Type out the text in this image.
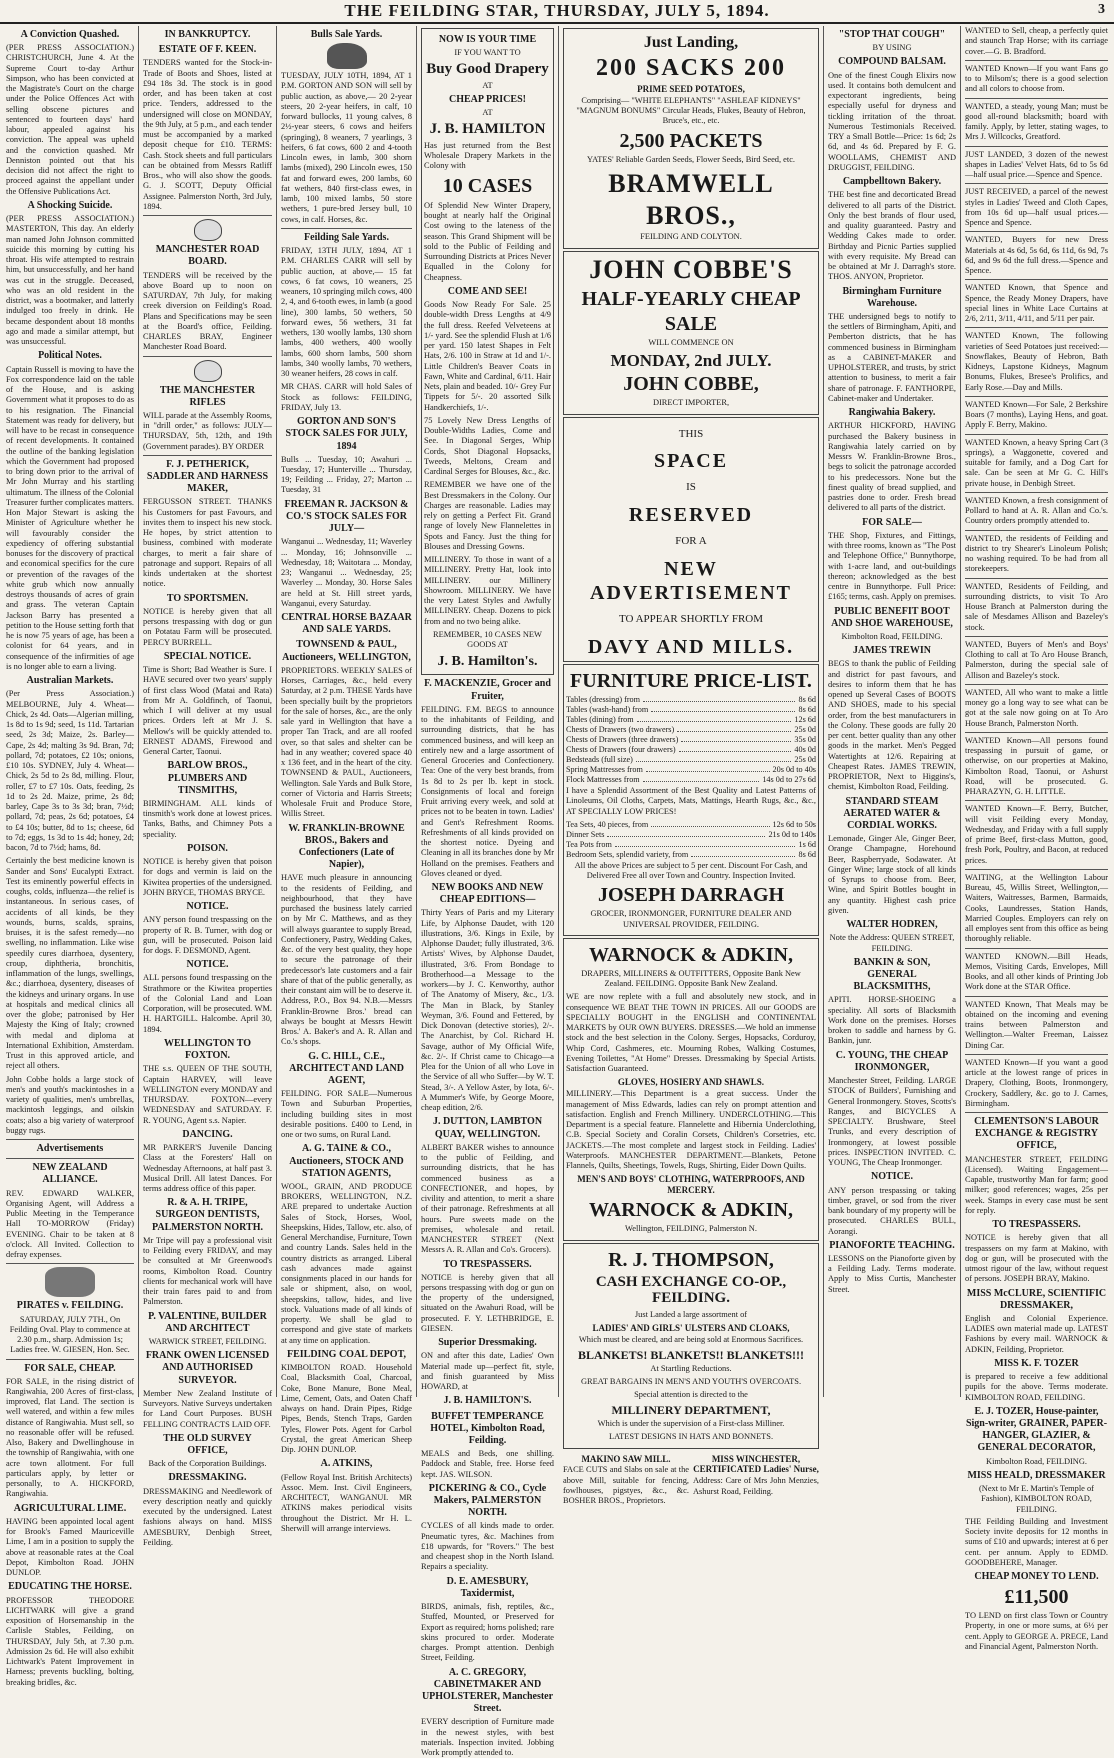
THE FEILDING STAR, THURSDAY, JULY 5, 1894.	3
A Conviction Quashed.

(PER PRESS ASSOCIATION.) CHRISTCHURCH, June 4. At the Supreme Court to-day Arthur Simpson, who has been convicted at the Magistrate's Court on the charge under the Police Offences Act with selling obscene pictures and sentenced to fourteen days' hard labour, appealed against his conviction. The appeal was upheld and the conviction quashed. Mr Denniston pointed out that his decision did not affect the right to proceed against the appellant under the Offensive Publications Act.

A Shocking Suicide.

(PER PRESS ASSOCIATION.) MASTERTON, This day. An elderly man named John Johnson committed suicide this morning by cutting his throat. His wife attempted to restrain him, but unsuccessfully, and her hand was cut in the struggle. Deceased, who was an old resident in the district, was a bootmaker, and latterly indulged too freely in drink. He became despondent about 18 months ago and made a similar attempt, but was unsuccessful.

Political Notes.

Captain Russell is moving to have the Fox correspondence laid on the table of the House, and is asking Government what it proposes to do as to his resignation. The Financial Statement was ready for delivery, but will have to be recast in consequence of recent developments. It contained the outline of the banking legislation which the Government had proposed to bring down prior to the arrival of Mr John Murray and his startling ultimatum. The illness of the Colonial Treasurer further complicates matters. Hon Major Stewart is asking the Minister of Agriculture whether he will favourably consider the expediency of offering substantial bonuses for the discovery of practical and economical specifics for the cure or prevention of the ravages of the white grub which now annually destroys thousands of acres of grain and grass. The veteran Captain Jackson Barry has presented a petition to the House setting forth that he is now 75 years of age, has been a colonist for 64 years, and in consequence of the infirmities of age is no longer able to earn a living.

Australian Markets.

(Per Press Association.) MELBOURNE, July 4. Wheat—Chick, 2s 4d. Oats—Algerian milling, 1s 8d to 1s 9d; seed, 1s 11d. Tartarian seed, 2s 3d; Maize, 2s. Barley—Cape, 2s 4d; malting 3s 9d. Bran, 7d; pollard, 7d; potatoes, £2 10s; onions, £10 10s. SYDNEY, July 4. Wheat—Chick, 2s 5d to 2s 8d, milling. Flour, roller, £7 to £7 10s. Oats, feeding, 2s 1d to 2s 2d. Maize, prime, 2s 8d; barley, Cape 3s to 3s 3d; bran, 7½d; pollard, 7d; peas, 2s 6d; potatoes, £4 to £4 10s; butter, 8d to 1s; cheese, 6d to 7d; eggs, 1s 3d to 1s 4d; honey, 2d; bacon, 7d to 7½d; hams, 8d.

Certainly the best medicine known is Sander and Sons' Eucalypti Extract. Test its eminently powerful effects in coughs, colds, influenza—the relief is instantaneous. In serious cases, of accidents of all kinds, be they wounds, burns, scalds, sprains, bruises, it is the safest remedy—no swelling, no inflammation. Like wise speedily cures diarrhoea, dysentery, croup, diphtheria, bronchitis, inflammation of the lungs, swellings, &c.; diarrhoea, dysentery, diseases of the kidneys and urinary organs. In use at hospitals and medical clinics all over the globe; patronised by Her Majesty the King of Italy; crowned with medal and diploma at International Exhibition, Amsterdam. Trust in this approved article, and reject all others.

John Cobbe holds a large stock of men's and youth's mackintoshes in a variety of qualities, men's umbrellas, mackintosh leggings, and oilskin coats; also a big variety of waterproof buggy rugs.

Advertisements
NEW ZEALAND ALLIANCE.

REV. EDWARD WALKER, Organising Agent, will Address a Public Meeting in the Temperance Hall TO-MORROW (Friday) EVENING. Chair to be taken at 8 o'clock. All Invited. Collection to defray expenses.

PIRATES v. FEILDING.

SATURDAY, JULY 7TH., On Feilding Oval. Play to commence at 2.30 p.m., sharp. Admission 1s; Ladies free. W. GIESEN, Hon. Sec.

FOR SALE, CHEAP.

FOR SALE, in the rising district of Rangiwahia, 200 Acres of first-class, improved, flat Land. The section is well watered, and within a few miles distance of Rangiwahia. Must sell, so no reasonable offer will be refused. Also, Bakery and Dwellinghouse in the township of Rangiwahia, with one acre town allotment. For full particulars apply, by letter or personally, to A. HICKFORD, Rangiwahia.

AGRICULTURAL LIME.

HAVING been appointed local agent for Brook's Famed Mauriceville Lime, I am in a position to supply the above at reasonable rates at the Coal Depot, Kimbolton Road. JOHN DUNLOP.

EDUCATING THE HORSE.

PROFESSOR THEODORE LICHTWARK will give a grand exposition of Horsemanship in the Carlisle Stables, Feilding, on THURSDAY, July 5th, at 7.30 p.m. Admission 2s 6d. He will also exhibit Lichtwark's Patent Improvement in Harness; prevents buckling, bolting, breaking bridles, &c.

IN BANKRUPTCY.
ESTATE OF F. KEEN.

TENDERS wanted for the Stock-in-Trade of Boots and Shoes, listed at £94 18s 3d. The stock is in good order, and has been taken at cost price. Tenders, addressed to the undersigned will close on MONDAY, the 9th July, at 5 p.m., and each tender must be accompanied by a marked deposit cheque for £10. TERMS: Cash. Stock sheets and full particulars can be obtained from Messrs Ratliff Bros., who will also show the goods. G. J. SCOTT, Deputy Official Assignee. Palmerston North, 3rd July, 1894.

MANCHESTER ROAD BOARD.

TENDERS will be received by the above Board up to noon on SATURDAY, 7th July, for making creek diversion on Feilding's Road. Plans and Specifications may be seen at the Board's office, Feilding. CHARLES BRAY, Engineer Manchester Road Board.

THE MANCHESTER RIFLES

WILL parade at the Assembly Rooms, in "drill order," as follows: JULY—THURSDAY, 5th, 12th, and 19th (Government parades). BY ORDER

F. J. PETHERICK, SADDLER AND HARNESS MAKER,

FERGUSSON STREET. THANKS his Customers for past Favours, and invites them to inspect his new stock. He hopes, by strict attention to business, combined with moderate charges, to merit a fair share of patronage and support. Repairs of all kinds undertaken at the shortest notice.

TO SPORTSMEN.

NOTICE is hereby given that all persons trespassing with dog or gun on Potatau Farm will be prosecuted. PERCY BURRELL.

SPECIAL NOTICE.

Time is Short; Bad Weather is Sure. I HAVE secured over two years' supply of first class Wood (Matai and Rata) from Mr A. Goldfinch, of Taonui, which I will deliver at my usual prices. Orders left at Mr J. S. Mellow's will be quickly attended to. ERNEST ADAMS, Firewood and General Carter, Taonui.

BARLOW BROS., PLUMBERS AND TINSMITHS,

BIRMINGHAM. ALL kinds of tinsmith's work done at lowest prices. Tanks, Baths, and Chimney Pots a speciality.

POISON.

NOTICE is hereby given that poison for dogs and vermin is laid on the Kiwitea properties of the undersigned. JOHN BRYCE, THOMAS BRYCE.

NOTICE.

ANY person found trespassing on the property of R. B. Turner, with dog or gun, will be prosecuted. Poison laid for dogs. F. DESMOND, Agent.

NOTICE.

ALL persons found trespassing on the Strathmore or the Kiwitea properties of the Colonial Land and Loan Corporation, will be prosecuted. WM. H. HARTGILL. Halcombe. April 30, 1894.

WELLINGTON TO FOXTON.

THE s.s. QUEEN OF THE SOUTH, Captain HARVEY, will leave WELLINGTON every MONDAY and THURSDAY. FOXTON—every WEDNESDAY and SATURDAY. F. R. YOUNG, Agent s.s. Napier.

DANCING.

MR PARKER'S Juvenile Dancing Class at the Foresters' Hall on Wednesday Afternoons, at half past 3. Musical Drill. All latest Dances. For terms address office of this paper.

R. & A. H. TRIPE, SURGEON DENTISTS, PALMERSTON NORTH.

Mr Tripe will pay a professional visit to Feilding every FRIDAY, and may be consulted at Mr Greenwood's rooms, Kimbolton Road. Country clients for mechanical work will have their train fares paid to and from Palmerston.

P. VALENTINE, BUILDER AND ARCHITECT

WARWICK STREET, FEILDING.

FRANK OWEN LICENSED AND AUTHORISED SURVEYOR.

Member New Zealand Institute of Surveyors. Native Surveys undertaken for Land Court Purposes. BUSH FELLING CONTRACTS LAID OFF.

THE OLD SURVEY OFFICE,

Back of the Corporation Buildings.

DRESSMAKING.

DRESSMAKING and Needlework of every description neatly and quickly executed by the undersigned. Latest fashions always on hand. MISS AMESBURY, Denbigh Street, Feilding.

Bulls Sale Yards.

TUESDAY, JULY 10TH, 1894, AT 1 P.M. GORTON AND SON will sell by public auction, as above,— 20 2-year steers, 20 2-year heifers, in calf, 10 forward bullocks, 11 young calves, 8 2½-year steers, 6 cows and heifers (springing), 8 weaners, 7 yearlings, 3 heifers, 6 fat cows, 600 2 and 4-tooth Lincoln ewes, in lamb, 300 shorn lambs (mixed), 290 Lincoln ewes, 150 fat and forward ewes, 200 lambs, 60 fat wethers, 840 first-class ewes, in lamb, 100 mixed lambs, 50 store wethers, 1 pure-bred Jersey bull, 10 cows, in calf. Horses, &c.

Feilding Sale Yards.

FRIDAY, 13TH JULY, 1894, AT 1 P.M. CHARLES CARR will sell by public auction, at above,— 15 fat cows, 6 fat cows, 10 weaners, 25 weaners, 10 springing milch cows, 400 2, 4, and 6-tooth ewes, in lamb (a good line), 300 lambs, 50 wethers, 50 forward ewes, 56 wethers, 31 fat wethers, 130 woolly lambs, 130 shorn lambs, 400 wethers, 400 woolly lambs, 600 shorn lambs, 500 shorn lambs, 340 woolly lambs, 70 wethers, 30 weaner heifers, 28 cows in calf.

MR CHAS. CARR will hold Sales of Stock as follows: FEILDING, FRIDAY, July 13.

GORTON AND SON'S STOCK SALES FOR JULY, 1894

Bulls ... Tuesday, 10; Awahuri ... Tuesday, 17; Hunterville ... Thursday, 19; Feilding ... Friday, 27; Marton ... Tuesday, 31

FREEMAN R. JACKSON & CO.'S STOCK SALES FOR JULY—

Wanganui ... Wednesday, 11; Waverley ... Monday, 16; Johnsonville ... Wednesday, 18; Waitotara ... Monday, 23; Wanganui ... Wednesday, 25; Waverley ... Monday, 30. Horse Sales are held at St. Hill street yards, Wanganui, every Saturday.

CENTRAL HORSE BAZAAR AND SALE YARDS.
TOWNSEND & PAUL, Auctioneers, WELLINGTON,

PROPRIETORS. WEEKLY SALES of Horses, Carriages, &c., held every Saturday, at 2 p.m. THESE Yards have been specially built by the proprietors for the sale of horses, &c., are the only sale yard in Wellington that have a proper Tan Track, and are all roofed over, so that sales and shelter can be had in any weather; covered space 40 x 136 feet, and in the heart of the city. TOWNSEND & PAUL, Auctioneers, Wellington. Sale Yards and Bulk Store, corner of Victoria and Harris Streets; Wholesale Fruit and Produce Store, Willis Street.

W. FRANKLIN-BROWNE BROS., Bakers and Confectioners (Late of Napier),

HAVE much pleasure in announcing to the residents of Feilding, and neighbourhood, that they have purchased the business lately carried on by Mr C. Matthews, and as they will always guarantee to supply Bread, Confectionery, Pastry, Wedding Cakes, &c. of the very best quality, they hope to secure the patronage of their predecessor's late customers and a fair share of that of the public generally, as their constant aim will be to deserve it. Address, P.O., Box 94. N.B.—Messrs Franklin-Browne Bros.' bread can always be bought at Messrs Hewitt Bros.' A. Baker's and A. R. Allan and Co.'s shops.

G. C. HILL, C.E., ARCHITECT AND LAND AGENT,

FEILDING. FOR SALE—Numerous Town and Suburban Properties, including building sites in most desirable positions. £400 to Lend, in one or two sums, on Rural Land.

A. G. TAINE & CO., Auctioneers, STOCK AND STATION AGENTS,

WOOL, GRAIN, AND PRODUCE BROKERS, WELLINGTON, N.Z. ARE prepared to undertake Auction Sales of Stock, Horses, Wool, Sheepskins, Hides, Tallow, etc. also, of General Merchandise, Furniture, Town and country Lands. Sales held in the country districts as arranged. Liberal cash advances made against consignments placed in our hands for sale or shipment, also, on wool, sheepskins, tallow, hides, and live stock. Valuations made of all kinds of property. We shall be glad to correspond and give state of markets at any time on application.

FEILDING COAL DEPOT,

KIMBOLTON ROAD. Household Coal, Blacksmith Coal, Charcoal, Coke, Bone Manure, Bone Meal, Lime, Cement, Oats, and Oaten Chaff always on hand. Drain Pipes, Ridge Pipes, Bends, Stench Traps, Garden Tyles, Flower Pots. Agent for Carbol Crystal, the great American Sheep Dip. JOHN DUNLOP.

A. ATKINS,

(Fellow Royal Inst. British Architects) Assoc. Mem. Inst. Civil Engineers, ARCHITECT, WANGANUI. MR ATKINS makes periodical visits throughout the District. Mr H. L. Sherwill will arrange interviews.

NOW IS YOUR TIME
IF YOU WANT TO
Buy Good Drapery
AT
CHEAP PRICES!
AT
J. B. HAMILTON

Has just returned from the Best Wholesale Drapery Markets in the Colony with

10 CASES

Of Splendid New Winter Drapery, bought at nearly half the Original Cost owing to the lateness of the season. This Grand Shipment will be sold to the Public of Feilding and Surrounding Districts at Prices Never Equalled in the Colony for Cheapness.

COME AND SEE!

Goods Now Ready For Sale. 25 double-width Dress Lengths at 4/9 the full dress. Reefed Velveteens at 1/- yard. See the splendid Flush at 1/6 per yard. 150 latest Shapes in Felt Hats, 2/6. 100 in Straw at 1d and 1/-. Little Children's Beaver Coats in Fawn, White and Cardinal, 6/11. Hair Nets, plain and beaded. 10/- Grey Fur Tippets for 5/-. 20 assorted Silk Handkerchiefs, 1/-.

75 Lovely New Dress Lengths of Double-Widths Ladies, Come and See. In Diagonal Serges, Whip Cords, Shot Diagonal Hopsacks, Tweeds, Meltons, Cream and Cardinal Serges for Blouses, &c., &c.

REMEMBER we have one of the Best Dressmakers in the Colony. Our Charges are reasonable. Ladies may rely on getting a Perfect Fit. Grand range of lovely New Flannelettes in Spots and Fancy. Just the thing for Blouses and Dressing Gowns.

MILLINERY. To those in want of a MILLINERY. Pretty Hat, look into MILLINERY. our Millinery Showroom. MILLINERY. We have the very Latest Styles and Awfully MILLINERY. Cheap. Dozens to pick from and no two being alike.

REMEMBER, 10 CASES NEW GOODS AT

J. B. Hamilton's.
F. MACKENZIE, Grocer and Fruiter,

FEILDING. F.M. BEGS to announce to the inhabitants of Feilding, and surrounding districts, that he has commenced business, and will keep an entirely new and a large assortment of General Groceries and Confectionery. Tea: One of the very best brands, from 1s 8d to 2s per lb. kept in stock. Consignments of local and foreign Fruit arriving every week, and sold at prices not to be beaten in town. Ladies' and Gent's Refreshment Rooms. Refreshments of all kinds provided on the shortest notice. Dyeing and Cleaning in all its branches done by Mr Holland on the premises. Feathers and Gloves cleaned or dyed.

NEW BOOKS AND NEW CHEAP EDITIONS—

Thirty Years of Paris and my Literary Life, by Alphonse Daudet, with 120 illustrations, 3/6. Kings in Exile, by Alphonse Daudet; fully illustrated, 3/6. Artists' Wives, by Alphonse Daudet, illustrated, 3/6. From Bondage to Brotherhood—a Message to the workers—by J. C. Kenworthy, author of The Anatomy of Misery, &c., 1/3. The Man in Black, by Stanley Weyman, 3/6. Found and Fettered, by Dick Donovan (detective stories), 2/-. The Anarchist, by Col. Richard H. Savage, author of My Official Wife, &c. 2/-. If Christ came to Chicago—a Plea for the Union of all who Love in the Service of all who Suffer—by W. T. Stead, 3/-. A Yellow Aster, by Iota, 6/-. A Mummer's Wife, by George Moore, cheap edition, 2/6.

J. DUTTON, LAMBTON QUAY, WELLINGTON.

ALBERT BAKER wishes to announce to the public of Feilding, and surrounding districts, that he has commenced business as a CONFECTIONER, and hopes, by civility and attention, to merit a share of their patronage. Refreshments at all hours. Pure sweets made on the premises, wholesale and retail. MANCHESTER STREET (Next Messrs A. R. Allan and Co's. Grocers).

TO TRESPASSERS.

NOTICE is hereby given that all persons trespassing with dog or gun on the property of the undersigned, situated on the Awahuri Road, will be prosecuted. F. Y. LETHBRIDGE, E. GIESEN.

Superior Dressmaking.

ON and after this date, Ladies' Own Material made up—perfect fit, style, and finish guaranteed by Miss HOWARD, at

J. B. HAMILTON'S.
BUFFET TEMPERANCE HOTEL, Kimbolton Road, Feilding.

MEALS and Beds, one shilling. Paddock and Stable, free. Horse feed kept. JAS. WILSON.

PICKERING & CO., Cycle Makers, PALMERSTON NORTH.

CYCLES of all kinds made to order. Pneumatic tyres, &c. Machines from £18 upwards, for "Rovers." The best and cheapest shop in the North Island. Repairs a speciality.

D. E. AMESBURY, Taxidermist,

BIRDS, animals, fish, reptiles, &c., Stuffed, Mounted, or Preserved for Export as required; horns polished; rare skins procured to order. Moderate charges. Prompt attention. Denbigh Street, Feilding.

A. C. GREGORY, CABINETMAKER AND UPHOLSTERER, Manchester Street.

EVERY description of Furniture made in the newest styles, with best materials. Inspection invited. Jobbing Work promptly attended to.

Just Landing,
200 SACKS 200
PRIME SEED POTATOES,

Comprising— "WHITE ELEPHANTS" "ASHLEAF KIDNEYS" "MAGNUM BONUMS" Circular Heads, Flukes, Beauty of Hebron, Bruce's, etc., etc.

2,500 PACKETS

YATES' Reliable Garden Seeds, Flower Seeds, Bird Seed, etc.

BRAMWELL BROS.,

FEILDING AND COLYTON.

JOHN COBBE'S
HALF-YEARLY CHEAP
SALE

WILL COMMENCE ON

MONDAY, 2nd JULY.
JOHN COBBE,

DIRECT IMPORTER,

THIS
SPACE
IS
RESERVED
FOR A
NEW ADVERTISEMENT
TO APPEAR SHORTLY FROM
DAVY AND MILLS.
FURNITURE PRICE-LIST.
Tables (dressing) from	8s 6d
Tables (wash-hand) from	8s 6d
Tables (dining) from	12s 6d
Chests of Drawers (two drawers)	25s 0d
Chests of Drawers (three drawers)	35s 0d
Chests of Drawers (four drawers)	40s 0d
Bedsteads (full size)	25s 0d
Spring Mattresses from	20s 0d to 40s
Flock Mattresses from	14s 0d to 27s 6d

I have a Splendid Assortment of the Best Quality and Latest Patterns of Linoleums, Oil Cloths, Carpets, Mats, Mattings, Hearth Rugs, &c., &c., AT SPECIALLY LOW PRICES!

Tea Sets, 40 pieces, from	12s 6d to 50s
Dinner Sets	21s 0d to 140s
Tea Pots from	1s 6d
Bedroom Sets, splendid variety, from	8s 6d

All the above Prices are subject to 5 per cent. Discount For Cash, and Delivered Free all over Town and Country. Inspection Invited.

JOSEPH DARRAGH

GROCER, IRONMONGER, FURNITURE DEALER AND UNIVERSAL PROVIDER, FEILDING.

WARNOCK & ADKIN,

DRAPERS, MILLINERS & OUTFITTERS, Opposite Bank New Zealand. FEILDING. Opposite Bank New Zealand.

WE are now replete with a full and absolutely new stock, and in consequence WE BEAT THE TOWN IN PRICES. All our GOODS are SPECIALLY BOUGHT in the ENGLISH and CONTINENTAL MARKETS by OUR OWN BUYERS. DRESSES.—We hold an immense stock and the best selection in the Colony. Serges, Hopsacks, Corduroy, Whip Cord, Cashmeres, etc. Mourning Robes, Walking Costumes, Evening Toilettes, "At Home" Dresses. Dressmaking by Special Artists. Satisfaction Guaranteed.

GLOVES, HOSIERY AND SHAWLS.

MILLINERY.—This Department is a great success. Under the management of Miss Edwards, ladies can rely on prompt attention and satisfaction. English and French Millinery. UNDERCLOTHING.—This Department is a special feature. Flannelette and Hibernia Underclothing, C.B. Special Society and Coralin Corsets, Children's Corsetries, etc. JACKETS.—The most complete and largest stock in Feilding. Ladies' Waterproofs. MANCHESTER DEPARTMENT.—Blankets, Petone Flannels, Quilts, Sheetings, Towels, Rugs, Shirting, Eider Down Quilts.

MEN'S AND BOYS' CLOTHING, WATERPROOFS, AND MERCERY.
WARNOCK & ADKIN,

Wellington, FEILDING, Palmerston N.

R. J. THOMPSON,
CASH EXCHANGE CO-OP., FEILDING.

Just Landed a large assortment of

LADIES' AND GIRLS' ULSTERS AND CLOAKS,

Which must be cleared, and are being sold at Enormous Sacrifices.

BLANKETS! BLANKETS!! BLANKETS!!!

At Startling Reductions.

GREAT BARGAINS IN MEN'S AND YOUTH'S OVERCOATS.

Special attention is directed to the

MILLINERY DEPARTMENT,

Which is under the supervision of a First-class Milliner.

LATEST DESIGNS IN HATS AND BONNETS.

MAKINO SAW MILL.

FACE CUTS and Slabs on sale at the above Mill, suitable for fencing, fowlhouses, pigstyes, &c., &c. BOSHER BROS., Proprietors.

MISS WINCHESTER, CERTIFICATED Ladies' Nurse,

Address: Care of Mrs John Menzies, Ashurst Road, Feilding.

"STOP THAT COUGH"

BY USING

COMPOUND BALSAM.

One of the finest Cough Elixirs now used. It contains both demulcent and expectorant ingredients, being especially useful for dryness and tickling irritation of the throat. Numerous Testimonials Received. TRY a Small Bottle—Price: 1s 6d; 2s 6d, and 4s 6d. Prepared by F. G. WOOLLAMS, CHEMIST AND DRUGGIST, FEILDING.

Campbelltown Bakery.

THE best fine and decorticated Bread delivered to all parts of the District. Only the best brands of flour used, and quality guaranteed. Pastry and Wedding Cakes made to order. Birthday and Picnic Parties supplied with every requisite. My Bread can be obtained at Mr J. Darragh's store. THOS. ANYON, Proprietor.

Birmingham Furniture Warehouse.

THE undersigned begs to notify to the settlers of Birmingham, Apiti, and Pemberton districts, that he has commenced business in Birmingham as a CABINET-MAKER and UPHOLSTERER, and trusts, by strict attention to business, to merit a fair share of patronage. F. FANTHORPE, Cabinet-maker and Undertaker.

Rangiwahia Bakery.

ARTHUR HICKFORD, HAVING purchased the Bakery business in Rangiwahia lately carried on by Messrs W. Franklin-Browne Bros., begs to solicit the patronage accorded to his predecessors. None but the finest quality of bread supplied, and pastries done to order. Fresh bread delivered to all parts of the district.

FOR SALE—

THE Shop, Fixtures, and Fittings, with three rooms, known as "The Post and Telephone Office," Bunnythorpe, with 1-acre land, and out-buildings thereon; acknowledged as the best centre in Bunnythorpe. Full Price: £165; terms, cash. Apply on premises.

PUBLIC BENEFIT BOOT AND SHOE WAREHOUSE,

Kimbolton Road, FEILDING.

JAMES TREWIN

BEGS to thank the public of Feilding and district for past favours, and desires to inform them that he has opened up Several Cases of BOOTS AND SHOES, made to his special order, from the best manufacturers in the Colony. These goods are fully 20 per cent. better quality than any other goods in the market. Men's Pegged Watertights at 12/6. Repairing at Cheapest Rates. JAMES TREWIN, PROPRIETOR, Next to Higgins's, chemist, Kimbolton Road, Feilding.

STANDARD STEAM AERATED WATER & CORDIAL WORKS.

Lemonade, Ginger Ale, Ginger Beer, Orange Champagne, Horehound Beer, Raspberryade, Sodawater. At Ginger Wine; large stock of all kinds of Syrups to choose from. Beer, Wine, and Spirit Bottles bought in any quantity. Highest cash price given.

WALTER HODREN,

Note the Address: QUEEN STREET, FEILDING.

BANKIN & SON, GENERAL BLACKSMITHS,

APITI. HORSE-SHOEING a speciality. All sorts of Blacksmith Work done on the premises. Horses broken to saddle and harness by G. Bankin, junr.

C. YOUNG, THE CHEAP IRONMONGER,

Manchester Street, Feilding. LARGE STOCK of Builders', Furnishing and General Ironmongery. Stoves, Scotts's Ranges, and BICYCLES A SPECIALTY. Brushware, Steel Trunks, and every description of Ironmongery, at lowest possible prices. INSPECTION INVITED. C. YOUNG, The Cheap Ironmonger.

NOTICE.

ANY person trespassing or taking timber, gravel, or sod from the river bank boundary of my property will be prosecuted. CHARLES BULL, Aorangi.

PIANOFORTE TEACHING.

LESSONS on the Pianoforte given by a Feilding Lady. Terms moderate. Apply to Miss Curtis, Manchester Street.

WANTED to Sell, cheap, a perfectly quiet and staunch Trap Horse; with its carriage cover.—G. B. Bradford.

WANTED Known—If you want Fans go to to Milsom's; there is a good selection and all colors to choose from.

WANTED, a steady, young Man; must be good all-round blacksmith; board with family. Apply, by letter, stating wages, to Mrs J. Willcocks, Greatford.

JUST LANDED, 3 dozen of the newest shapes in Ladies' Velvet Hats, 6d to 5s 6d—half usual price.—Spence and Spence.

JUST RECEIVED, a parcel of the newest styles in Ladies' Tweed and Cloth Capes, from 10s 6d up—half usual prices.—Spence and Spence.

WANTED, Buyers for new Dress Materials at 4s 6d, 5s 6d, 6s 11d, 6s 9d, 7s 6d, and 9s 6d the full dress.—Spence and Spence.

WANTED Known, that Spence and Spence, the Ready Money Drapers, have special lines in White Lace Curtains at 2/6, 2/11, 3/11, 4/11, and 5/11 per pair.

WANTED Known, The following varieties of Seed Potatoes just received:—Snowflakes, Beauty of Hebron, Bath Kidneys, Lapstone Kidneys, Magnum Bonums, Flukes, Bresee's Prolifics, and Early Rose.—Day and Mills.

WANTED Known—For Sale, 2 Berkshire Boars (7 months), Laying Hens, and goat. Apply F. Berry, Makino.

WANTED Known, a heavy Spring Cart (3 springs), a Waggonette, covered and suitable for family, and a Dog Cart for sale. Can be seen at Mr G. C. Hill's private house, in Denbigh Street.

WANTED Known, a fresh consignment of Pollard to hand at A. R. Allan and Co.'s. Country orders promptly attended to.

WANTED, the residents of Feilding and district to try Shearer's Linoleum Polish; no washing required. To be had from all storekeepers.

WANTED, Residents of Feilding, and surrounding districts, to visit To Aro House Branch at Palmerston during the sale of Mesdames Allison and Bazeley's stock.

WANTED, Buyers of Men's and Boys' Clothing to call at To Aro House Branch, Palmerston, during the special sale of Allison and Bazeley's stock.

WANTED, All who want to make a little money go a long way to see what can be got at the sale now going on at To Aro House Branch, Palmerston North.

WANTED Known—All persons found trespassing in pursuit of game, or otherwise, on our properties at Makino, Kimbolton Road, Taonui, or Ashurst Road, will be prosecuted. G. PHARAZYN, G. H. LITTLE.

WANTED Known—F. Berry, Butcher, will visit Feilding every Monday, Wednesday, and Friday with a full supply of prime Beef, first-class Mutton, good, fresh Pork, Poultry, and Bacon, at reduced prices.

WAITING, at the Wellington Labour Bureau, 45, Willis Street, Wellington,—Waiters, Waitresses, Barmen, Barmaids, Cooks, Laundresses, Station Hands, Married Couples. Employers can rely on all employes sent from this office as being thoroughly reliable.

WANTED KNOWN.—Bill Heads, Memos, Visiting Cards, Envelopes, Mill Books, and all other kinds of Printing Job Work done at the STAR Office.

WANTED Known, That Meals may be obtained on the incoming and evening trains between Palmerston and Wellington.—Walter Freeman, Laissez Dining Car.

WANTED Known—If you want a good article at the lowest range of prices in Drapery, Clothing, Boots, Ironmongery, Crockery, Saddlery, &c. go to J. Carnes, Birmingham.

CLEMENTSON'S LABOUR EXCHANGE & REGISTRY OFFICE,

MANCHESTER STREET, FEILDING (Licensed). Waiting Engagement—Capable, trustworthy Man for farm; good milker; good references; wages, 25s per week. Stamps in every case must be sent for reply.

TO TRESPASSERS.

NOTICE is hereby given that all trespassers on my farm at Makino, with dog or gun, will be prosecuted with the utmost rigour of the law, without request of persons. JOSEPH BRAY, Makino.

MISS McCLURE, SCIENTIFIC DRESSMAKER,

English and Colonial Experience. LADIES own material made up. LATEST Fashions by every mail. WARNOCK & ADKIN, Feilding, Proprietor.

MISS K. F. TOZER

is prepared to receive a few additional pupils for the above. Terms moderate. KIMBOLTON ROAD, FEILDING.

E. J. TOZER, House-painter, Sign-writer, GRAINER, PAPER-HANGER, GLAZIER, & GENERAL DECORATOR,

Kimbolton Road, FEILDING.

MISS HEALD, DRESSMAKER

(Next to Mr E. Martin's Temple of Fashion), KIMBOLTON ROAD, FEILDING.

THE Feilding Building and Investment Society invite deposits for 12 months in sums of £10 and upwards; interest at 6 per cent. per annum. Apply to EDMD. GOODBEHERE, Manager.

CHEAP MONEY TO LEND.
£11,500

TO LEND on first class Town or Country Property, in one or more sums, at 6½ per cent. Apply to GEORGE A. PRECE, Land and Financial Agent, Palmerston North.
